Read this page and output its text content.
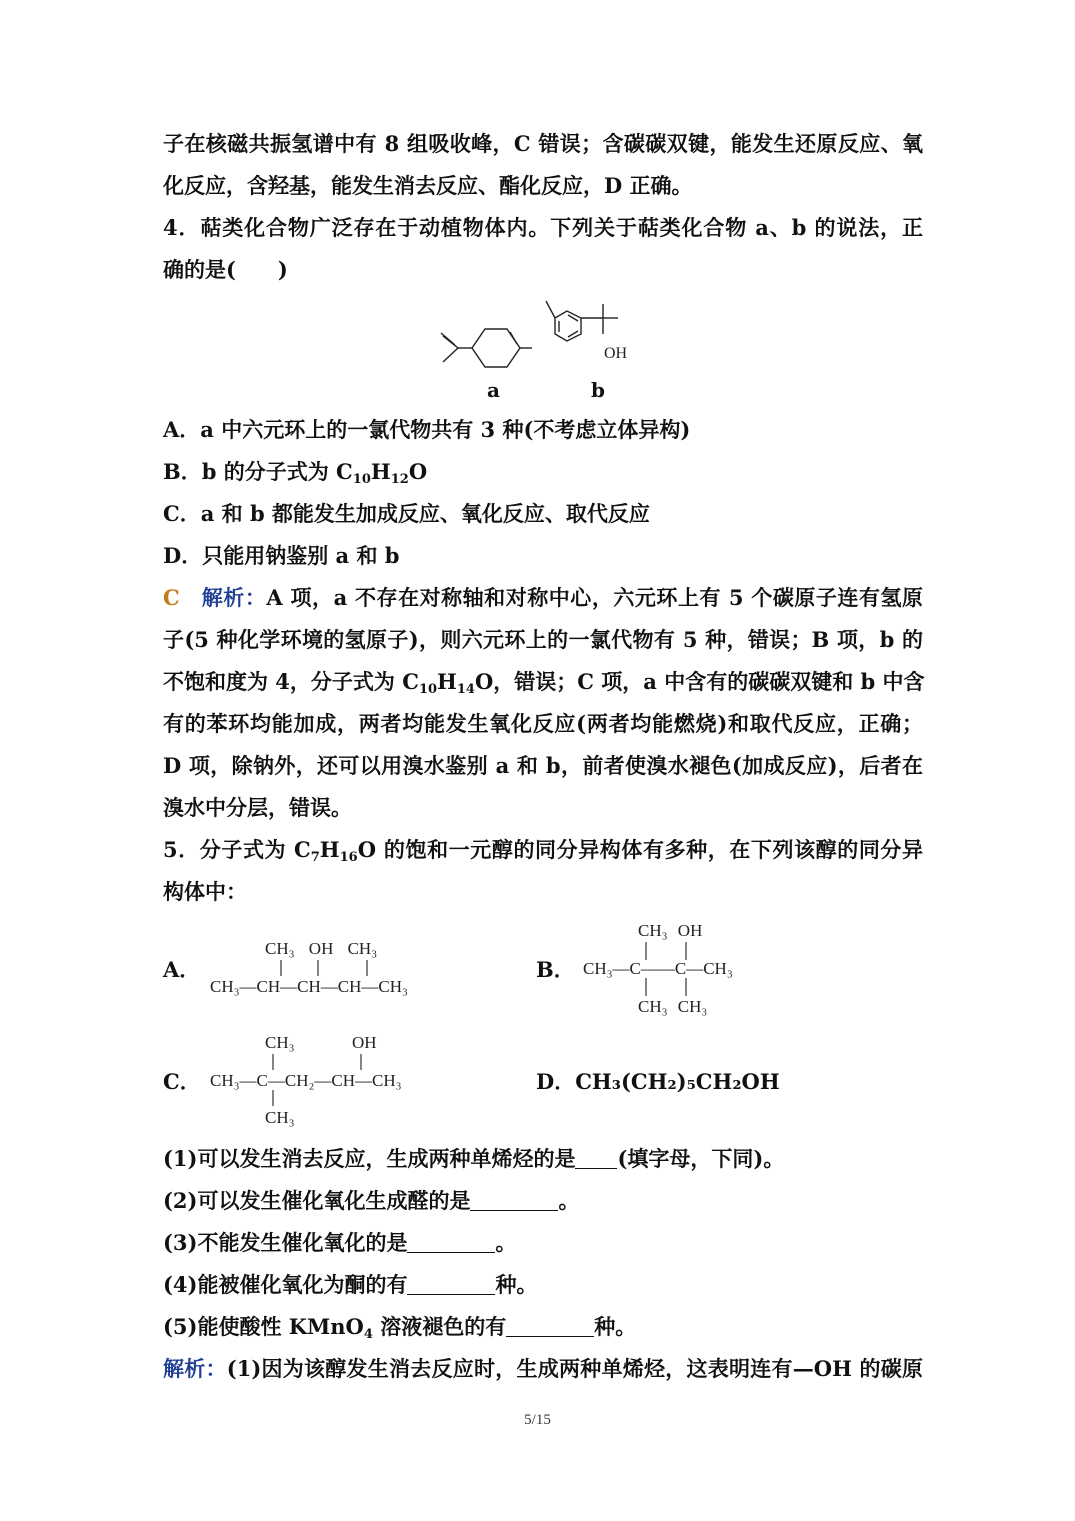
子在核磁共振氢谱中有 8 组吸收峰，C 错误；含碳碳双键，能发生还原反应、氧
化反应，含羟基，能发生消去反应、酯化反应，D 正确。
4．萜类化合物广泛存在于动植物体内。下列关于萜类化合物 a、b 的说法，正
确的是(　　)
OH
a	b
A．a 中六元环上的一氯代物共有 3 种(不考虑立体异构)
B．b 的分子式为 $C_{10}H_{12}O$
C．a 和 b 都能发生加成反应、氧化反应、取代反应
D．只能用钠鉴别 a 和 b
C　 解析：A 项，a 不存在对称轴和对称中心，六元环上有 5 个碳原子连有氢原
子(5 种化学环境的氢原子)，则六元环上的一氯代物有 5 种，错误；B 项，b 的
不饱和度为 4，分子式为 $C_{10}H_{14}O$，错误；C 项，a 中含有的碳碳双键和 b 中含
有的苯环均能加成，两者均能发生氧化反应(两者均能燃烧)和取代反应，正确；
D 项，除钠外，还可以用溴水鉴别 a 和 b，前者使溴水褪色(加成反应)，后者在
溴水中分层，错误。
5．分子式为 $C_7H_{16}O$ 的饱和一元醇的同分异构体有多种，在下列该醇的同分异
构体中：
A．
CH₃ OH CH₃
CH₃—CH—CH—CH—CH₃
B．
CH₃ OH
CH₃—C——C—CH₃
CH₃ CH₃
C．
CH₃	OH
CH₃—C—CH₂—CH—CH₃
CH₃
D．CH₃(CH₂)₅CH₂OH
(1)可以发生消去反应，生成两种单烯烃的是 (填字母，下同)。
(2)可以发生催化氧化生成醛的是	。
(3)不能发生催化氧化的是	。
(4)能被催化氧化为酮的有	种。
(5)能使酸性 KMnO$_4$ 溶液褪色的有	种。
解析：(1)因为该醇发生消去反应时，生成两种单烯烃，这表明连有—OH 的碳原
5/15
